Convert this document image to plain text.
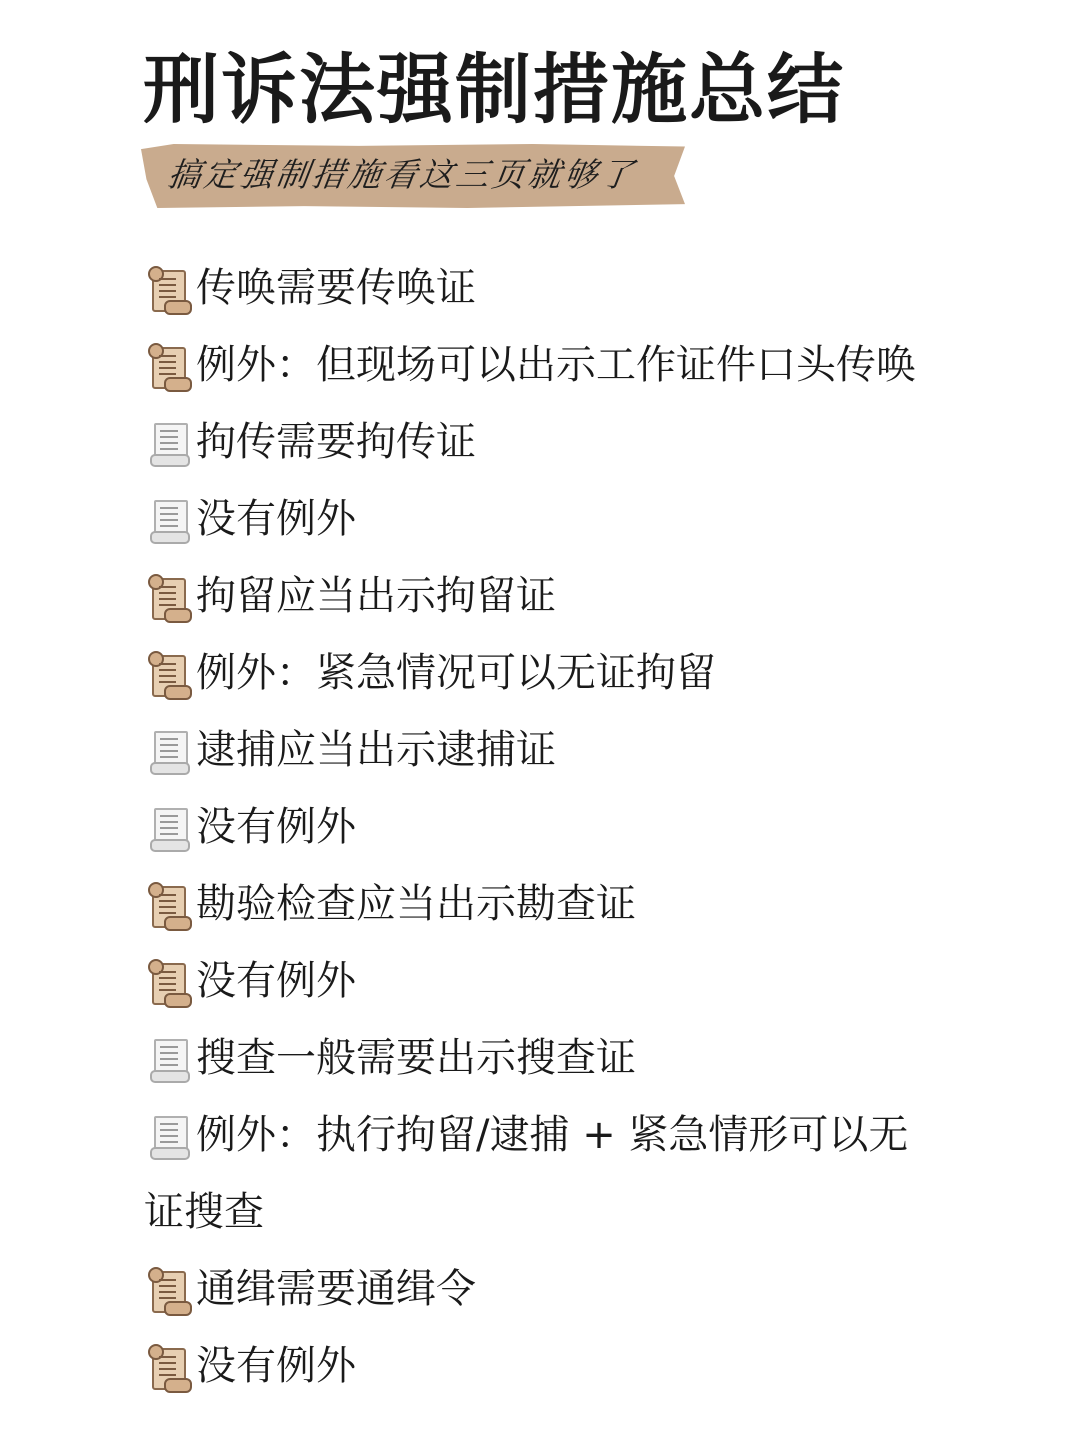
刑诉法强制措施总结
搞定强制措施看这三页就够了
传唤需要传唤证
例外：但现场可以出示工作证件口头传唤
拘传需要拘传证
没有例外
拘留应当出示拘留证
例外：紧急情况可以无证拘留
逮捕应当出示逮捕证
没有例外
勘验检查应当出示勘查证
没有例外
搜查一般需要出示搜查证
例外：执行拘留/逮捕 + 紧急情形可以无
证搜查
通缉需要通缉令
没有例外
